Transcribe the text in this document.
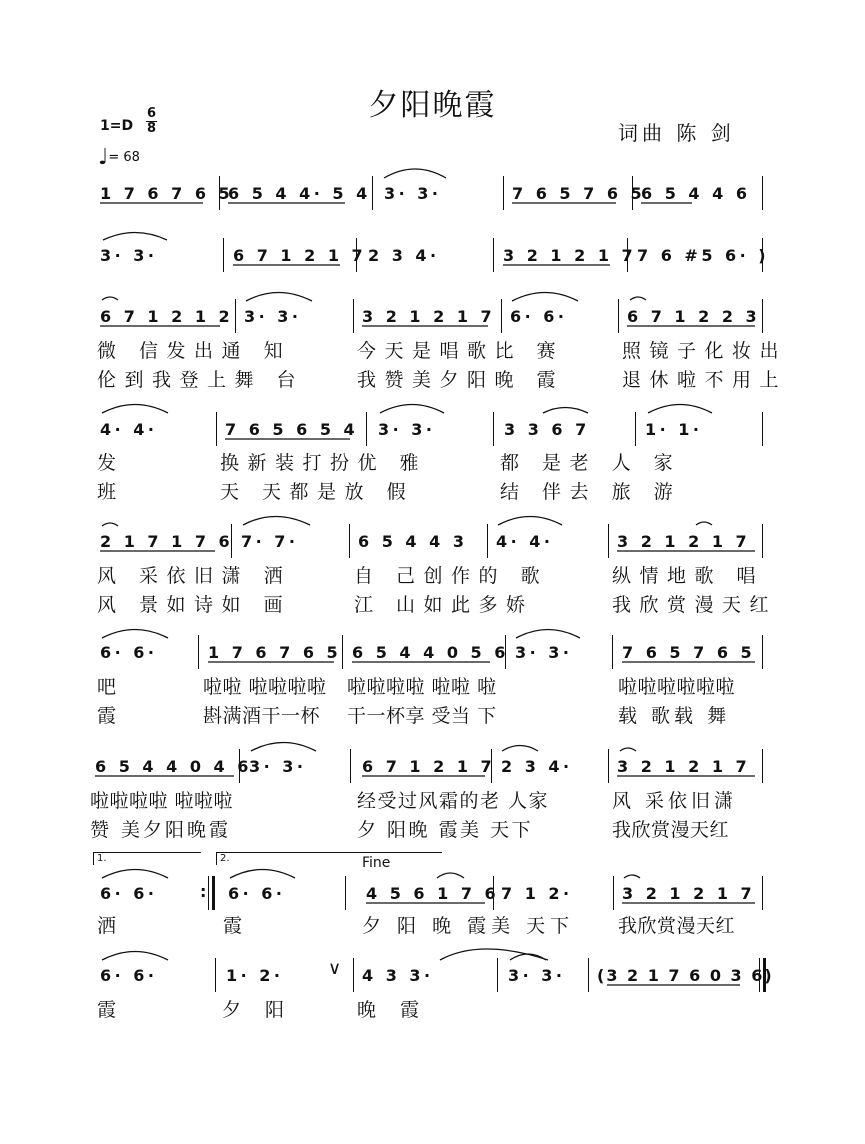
夕阳晚霞
1=D
6
8	词曲 陈 剑
♩= 68
1.	2.	Fine
1 7 6 7 6 5
6 5 4 4· 5 4 3· 3·	7 6 5 7 6 5
6 5 4 4 6
3· 3·	6 7 1 2 1 7 2 3 4·	3 2 1 2 1 7 7 6 #5 6· )
6 7 1 2 1 2 3· 3·	3 2 1 2 1 7 6· 6·	6 7 1 2 2 3
微 信发出通 知	今天是唱歌比 赛	照镜子化妆出
伦到我登上舞 台	我赞美夕阳晚 霞	退休啦不用上
4· 4·	7 6 5 6 5 4 3· 3·	3 3 6 7	1· 1·
发	换新装打扮优 雅	都 是老 人 家
班	天 天都是放 假	结 伴去 旅 游
2 1 7 1 7 6 7· 7·	6 5 4 4 3 4· 4·	3 2 1 2 1 7
风 采依旧潇 洒	自 己创作的 歌	纵情地歌 唱
风 景如诗如 画	江 山如此多娇	我欣赏漫天红
6· 6·	1 7 6 7 6 5 6 5 4 4 0 5 6 3· 3·	7 6 5 7 6 5
吧	啦啦 啦啦啦啦 啦啦啦啦 啦啦 啦	啦啦啦啦啦啦
霞	斟满酒干一杯 干一杯享 受当 下	载 歌载 舞
6 5 4 4 0 4 6
3· 3·	6 7 1 2 1 7 2 3 4·	3 2 1 2 1 7
啦啦啦啦 啦啦啦	经受过风霜的老 人家	风 采依旧潇
赞 美夕阳晚霞	夕 阳晚 霞美 天下	我欣赏漫天红
6· 6·	: 6· 6·	4 5 6 1 7 6 7 1 2·	3 2 1 2 1 7
洒	霞	夕 阳 晚 霞美 天下 我欣赏漫天红
6· 6·	1· 2· ∨ 4 3 3·	3· 3· (3 2 1 7 6 0 3 6)
霞	夕 阳	晚 霞
